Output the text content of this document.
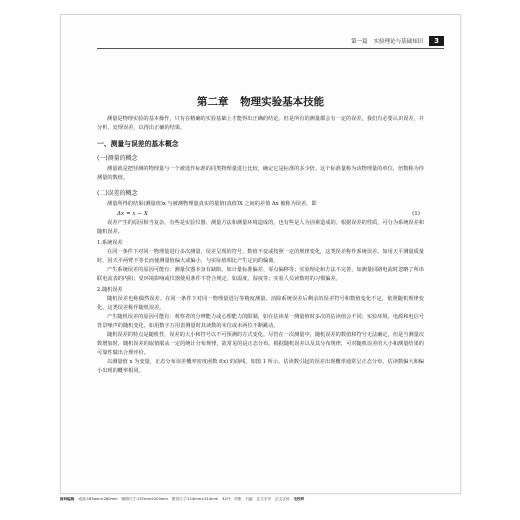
第一篇 实验理论与基础知识	3
第二章 物理实验基本技能

测量是物理实验的基本操作，只有在精确的实验基础上才能得出正确的结论。但是所有的测量都会有一定的误差，我们有必要认识误差，并分析、处理误差，以得出正确的结果。

一、测量与误差的基本概念
(一)测量的概念

测量就是把待测的物理量与一个被选作标准的同类物理量进行比较，确定它是标准的多少倍。这个标准量称为该物理量的单位，倍数称为待测量的数值。

(二)误差的概念

测量所得的结果(测量值)x 与被测物理量真实的量值(真值)X 之间的差值 Δx 被称为误差，即

Δx = x − X	(1)

误差产生的原因相当复杂，有些是实验仪器、测量方法和测量环境造成的，也有些是人为因素造成的。根据误差的性质，可分为系统误差和随机误差。

1.系统误差

在同一条件下对同一物理量进行多次测量，误差呈现的符号、数值不变或按照一定的规律变化，这类误差称作系统误差。如用天平测量质量时，因天平两臂不等长而使测量值偏大或偏小，与实际值相比产生定向的偏离。

产生系统误差的原因可能有：测量仪器本身有缺陷，如计量标准偏差、零点偏移等；实验理论和方法不完善，如测量回路电流时忽略了所串联电流表的内阻；受环境影响或仪器使用条件不符合规定，如温度、湿度等；实验人员读数时的习惯偏差。

2.随机误差

随机误差也称偶然误差。在同一条件下对同一物理量进行等精度测量，消除系统误差后剩余的误差符号和数值变化不定，依照随机规律变化，这类误差称作随机误差。

产生随机误差的原因可能有：观察者的分辨能力或心理能力的限制，如在估读某一测量值时多次的估读值会不同；实验环境，电源和电信号背景噪声的随机变化，如用数字万用表测量时其读数的末位或末两位不断跳动。

随机误差的特点是随机性，误差的大小和符号以不可预测的方式变化。尽管在一次测量中，随机误差的数值和符号无法确定，但是当测量次数增加时，随机误差的取值服从一定的统计分布规律，故常见的是正态分布。根据随机误差以及其分布规律，可对随机误差的大小和测量结果的可靠性做出合理评价。

以测量值 x 为变量，正态分布误差概率密度函数 f(x) 的曲线，如图 1 所示。估读数引起的误差出现概率通常呈正态分布，估读数偏大和偏小出现的概率相同。

树林编辑 成品:183mm×260mm 版面尺寸:137mm×203mm 排页尺寸:214mm×314mm 32开 印张 行距 正文字号 正文字体 毛校样
